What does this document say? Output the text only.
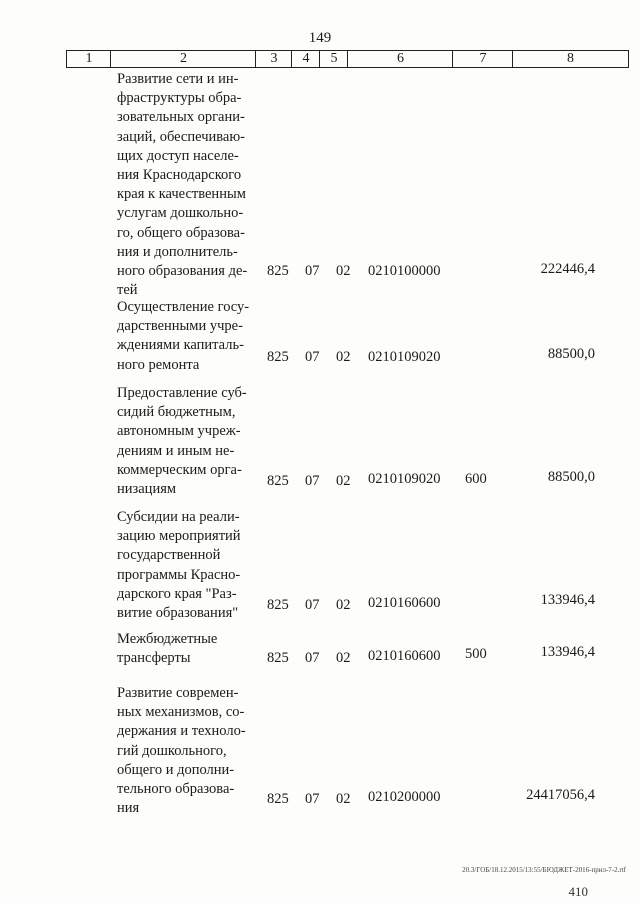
149
1	2	3	4	5	6	7	8
Развитие сети и ин-
фраструктуры обра-
зовательных органи-
заций, обеспечиваю-
щих доступ населе-
ния Краснодарского
края к качественным
услугам дошкольно-
го, общего образова-
ния и дополнитель-
ного образования де-
тей
825 07 02 0210100000	222446,4
Осуществление госу-
дарственными учре-
ждениями капиталь-
ного ремонта	825 07 02 0210109020	88500,0
Предоставление суб-
сидий бюджетным,
автономным учреж-
дениям и иным не-
коммерческим орга-
низациям
825 07 02 0210109020 600	88500,0
Субсидии на реали-
зацию мероприятий
государственной
программы Красно-
дарского края "Раз-
витие образования"
825 07 02 0210160600	133946,4
Межбюджетные
трансферты	825 07 02 0210160600 500	133946,4
Развитие современ-
ных механизмов, со-
держания и техноло-
гий дошкольного,
общего и дополни-
тельного образова-
ния
825 07 02 0210200000	24417056,4
20.3/ГОБ/18.12.2015/13:55/БЮДЖЕТ-2016-прил-7-2.rtf
410
